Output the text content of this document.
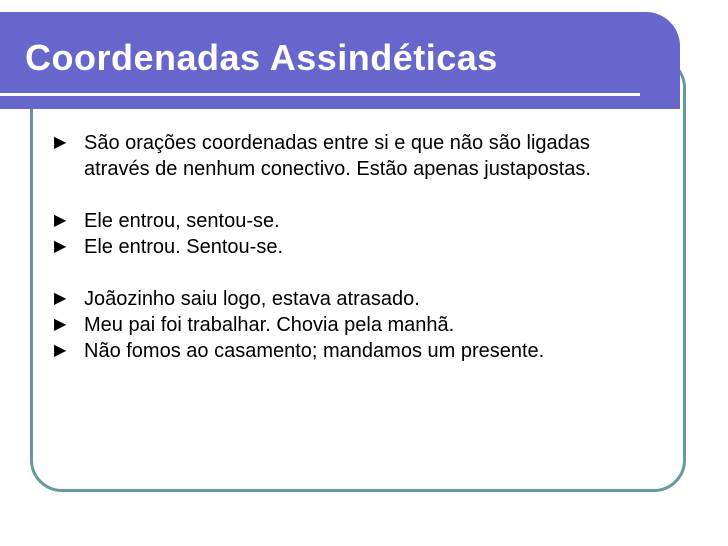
Coordenadas Assindéticas
▶ São orações coordenadas entre si e que não são ligadas através de nenhum conectivo. Estão apenas justapostas.
▶ Ele entrou, sentou-se.
▶ Ele entrou. Sentou-se.
▶ Joãozinho saiu logo, estava atrasado.
▶ Meu pai foi trabalhar. Chovia pela manhã.
▶ Não fomos ao casamento; mandamos um presente.
